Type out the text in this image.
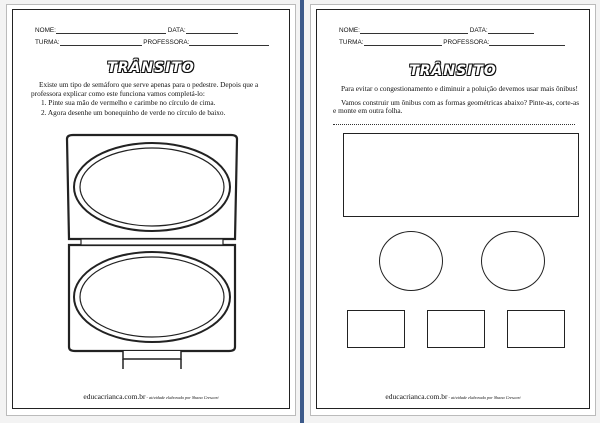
NOME:	DATA:
TURMA:	PROFESSORA:
TRÂNSITO

Existe um tipo de semáforo que serve apenas para o pedestre. Depois que a professora explicar como este funciona vamos completá-lo:

1. Pinte sua mão de vermelho e carimbe no círculo de cima.

2. Agora desenhe um bonequinho de verde no círculo de baixo.

educacrianca.com.br - atividade elaborada por Shana Crescari
NOME:	DATA:
TURMA:	PROFESSORA:
TRÂNSITO

Para evitar o congestionamento e diminuir a poluição devemos usar mais ônibus!

Vamos construir um ônibus com as formas geométricas abaixo? Pinte-as, corte-as e monte em outra folha.

educacrianca.com.br - atividade elaborada por Shana Crescari
